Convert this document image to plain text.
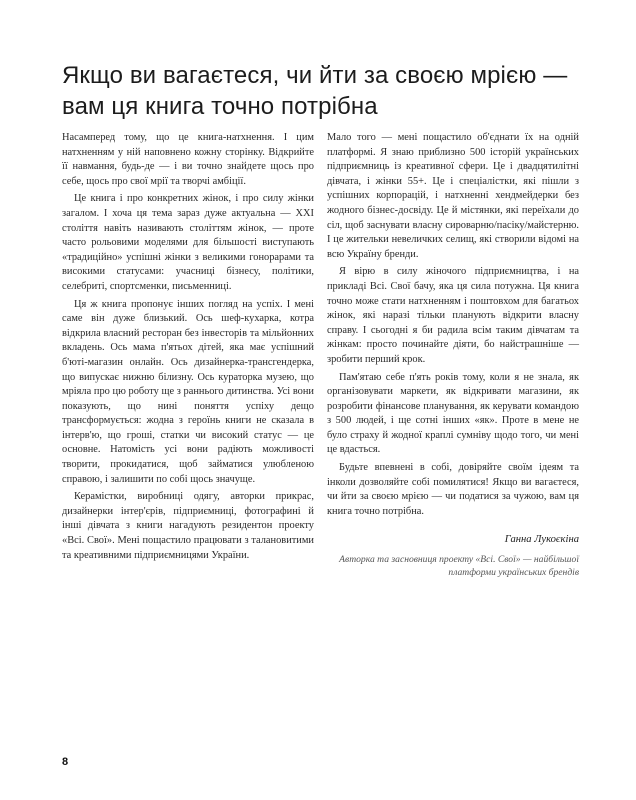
Якщо ви вагаєтеся, чи йти за своєю мрією —
вам ця книга точно потрібна

Насамперед тому, що це книга-натхнення. І цим натхненням у ній наповнено кожну сторінку. Відкрийте її навмання, будь-де — і ви точно знайдете щось про себе, щось про свої мрії та творчі амбіції.

Це книга і про конкретних жінок, і про силу жінки загалом. І хоча ця тема зараз дуже актуальна — XXI століття навіть називають століттям жінок, — проте часто рольовими моделями для більшості виступають «традиційно» успішні жінки з великими гонорарами та високими статусами: учасниці бізнесу, політики, селебриті, спортсменки, письменниці.

Ця ж книга пропонує інших погляд на успіх. І мені саме він дуже близький. Ось шеф-кухарка, котра відкрила власний ресторан без інвесторів та мільйонних вкладень. Ось мама п'ятьох дітей, яка має успішний б'юті-магазин онлайн. Ось дизайнерка-трансгендерка, що випускає нижню білизну. Ось кураторка музею, що мріяла про цю роботу ще з раннього дитинства. Усі вони показують, що нині поняття успіху дещо трансформується: жодна з героїнь книги не сказала в інтерв'ю, що гроші, статки чи високий статус — це основне. Натомість усі вони радіють можливості творити, прокидатися, щоб займатися улюбленою справою, і залишити по собі щось значуще.

Керамістки, виробниці одягу, авторки прикрас, дизайнерки інтер'єрів, підприємниці, фотографині й інші дівчата з книги нагадують резидентон проекту «Всі. Свої». Мені пощастило працювати з талановитими та креативними підприємницями України.

Мало того — мені пощастило об'єднати їх на одній платформі. Я знаю приблизно 500 історій українських підприємниць із креативної сфери. Це і двадцятилітні дівчата, і жінки 55+. Це і спеціалістки, які пішли з успішних корпорацій, і натхненні хендмейдерки без жодного бізнес-досвіду. Це й містянки, які переїхали до сіл, щоб заснувати власну сироварню/пасіку/майстерню. І це жительки невеличких селищ, які створили відомі на всю Україну бренди.

Я вірю в силу жіночого підприємництва, і на прикладі Всі. Свої бачу, яка ця сила потужна. Ця книга точно може стати натхненням і поштовхом для багатьох жінок, які наразі тільки планують відкрити власну справу. І сьогодні я би радила всім таким дівчатам та жінкам: просто починайте діяти, бо найстрашніше — зробити перший крок.

Пам'ятаю себе п'ять років тому, коли я не знала, як організовувати маркети, як відкривати магазини, як розробити фінансове планування, як керувати командою з 500 людей, і ще сотні інших «як». Проте в мене не було страху й жодної краплі сумніву щодо того, чи мені це вдасться.

Будьте впевнені в собі, довіряйте своїм ідеям та інколи дозволяйте собі помилятися! Якщо ви вагаєтеся, чи йти за своєю мрією — чи податися за чужою, вам ця книга точно потрібна.

Ганна Лукоєкіна
Авторка та засновниця проекту «Всі. Свої» — найбільшої платформи українських брендів
8
